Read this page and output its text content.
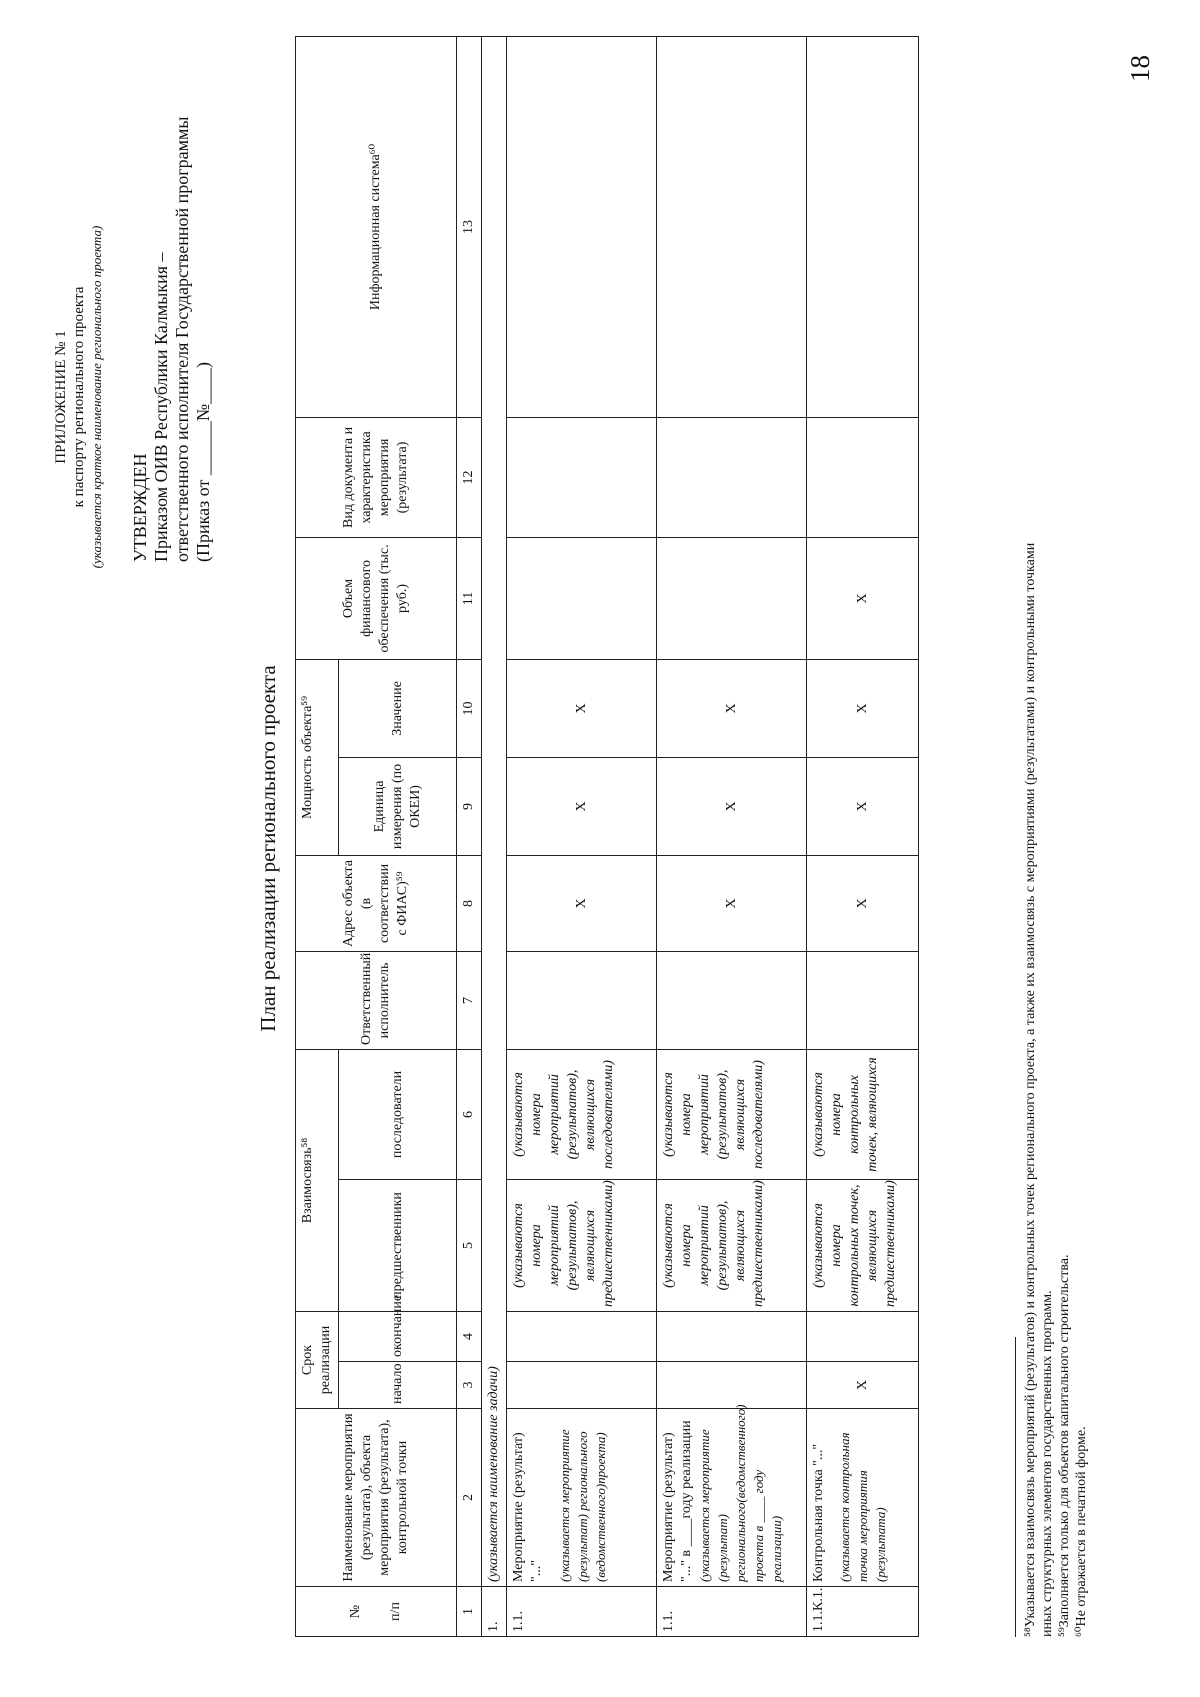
18
ПРИЛОЖЕНИЕ № 1 к паспорту регионального проекта (указывается краткое наименование регионального проекта) УТВЕРЖДЕН Приказом ОИВ Республики Калмыкия – ответственного исполнителя Государственной программы (Приказ от ______№____)
План реализации регионального проекта
№ п/п	Наименование мероприятия (результата), объекта мероприятия (результата), контрольной точки	Срок реализации		Взаимосвязь⁵⁸		Ответственный исполнитель	Адрес объекта (в соответствии с ФИАС)⁵⁹	Мощность объекта⁵⁹		Объем финансового обеспечения (тыс. руб.)	Вид документа и характеристика мероприятия (результата)	Информационная система⁶⁰
		начало	окончание	предшественники	последователи			Единица измерения (по ОКЕИ)	Значение			
1	2	3	4	5	6	7	8	9	10	11	12	13
1.	(указывается наименование задачи)											
1.1.	Мероприятие (результат) "..." (указывается мероприятие (результат) регионального (ведомственного)проекта)			(указываются номера мероприятий (результатов), являющихся предшественниками)	(указываются номера мероприятий (результатов), являющихся последователями)		X	X	X			
1.1.	Мероприятие (результат) "..." в ____году реализации (указывается мероприятие (результат) регионального(ведомственного) проекта в ____ году реализации)			(указываются номера мероприятий (результатов), являющихся предшественниками)	(указываются номера мероприятий (результатов), являющихся последователями)		X	X	X			
1.1.К.1.	Контрольная точка "..." (указывается контрольная точка мероприятия (результата)	X		(указываются номера контрольных точек, являющихся предшественниками)	(указываются номера контрольных точек, являющихся		X	X	X	X			⁵⁸Указывается взаимосвязь мероприятий (результатов) и контрольных точек регионального проекта, а также их взаимосвязь с мероприятиями (результатами) и контрольными точками иных структурных элементов государственных программ. ⁵⁹Заполняется только для объектов капитального строительства. ⁶⁰Не отражается в печатной форме.
